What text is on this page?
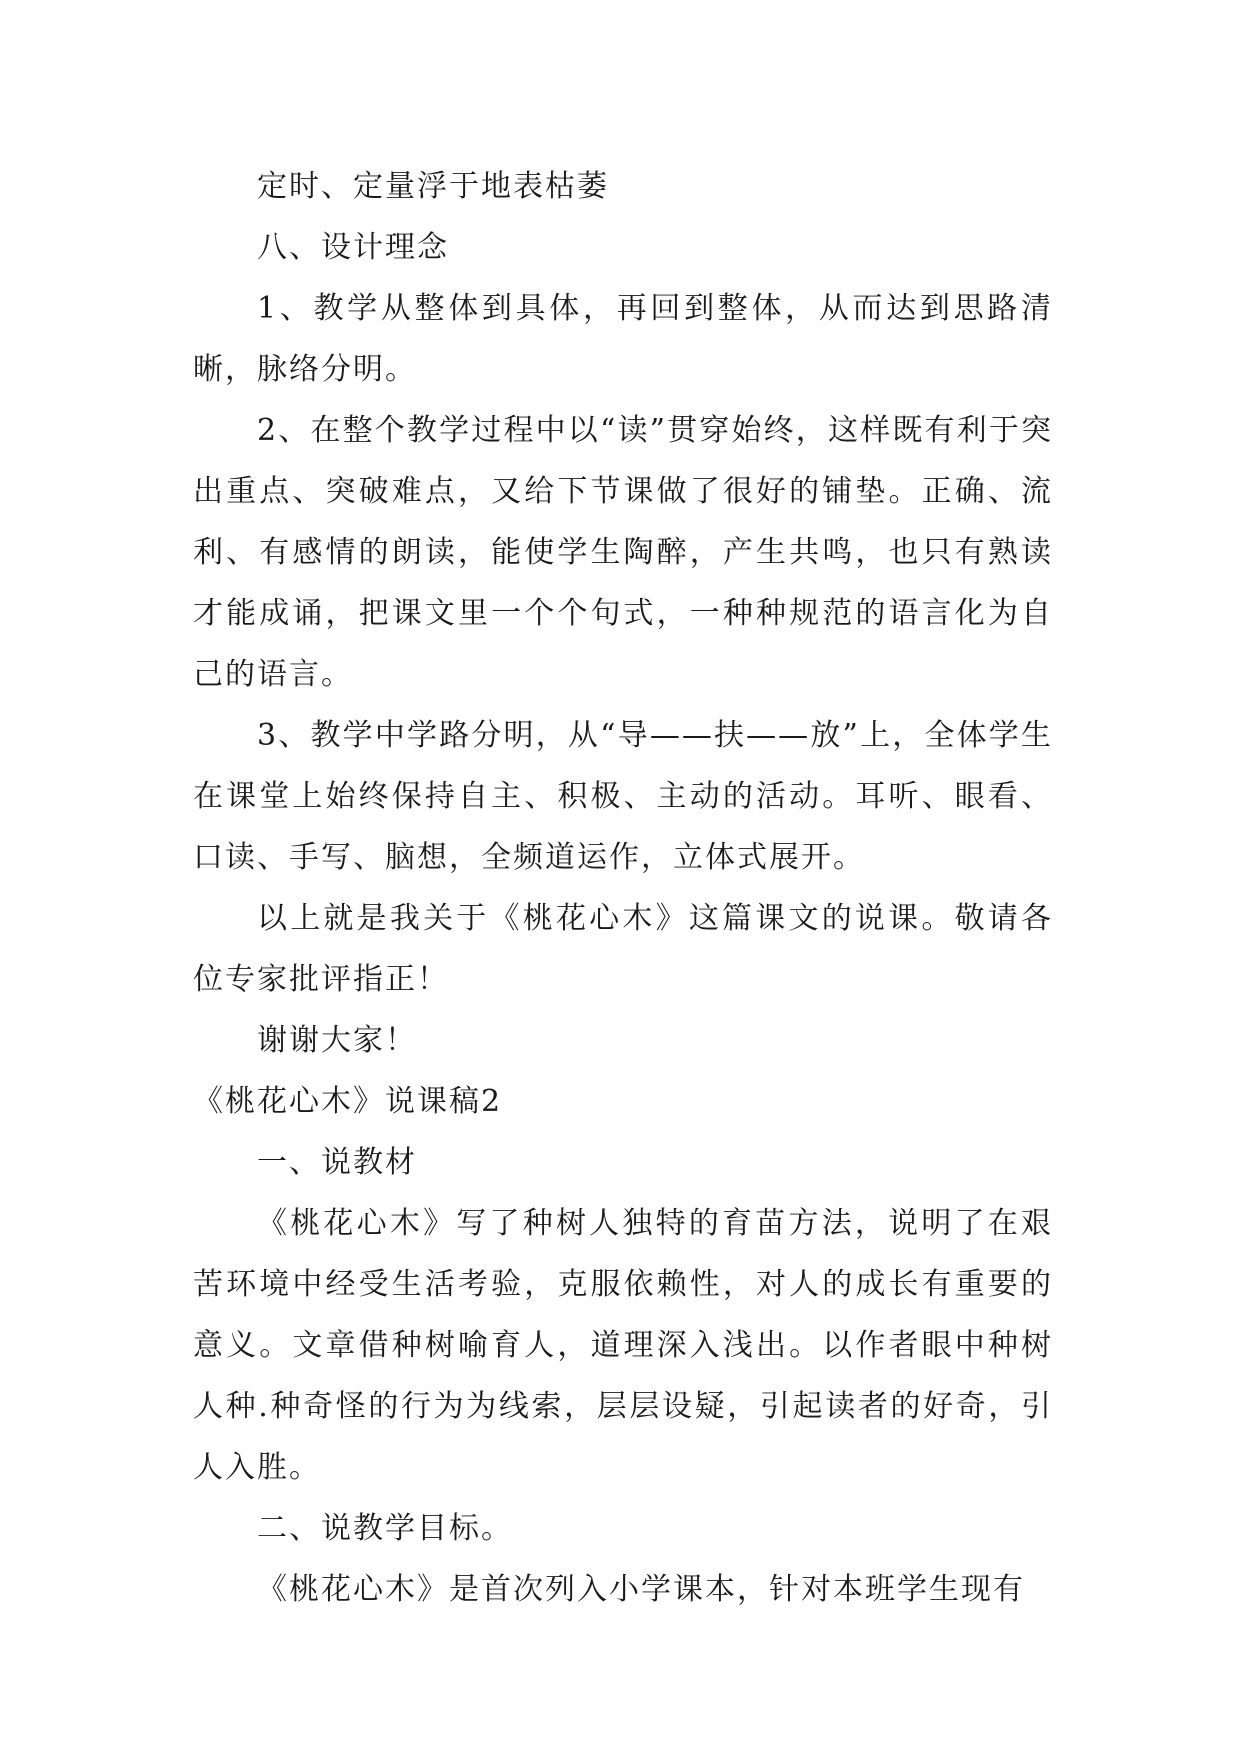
定时、定量浮于地表枯萎

八、设计理念

1、教学从整体到具体，再回到整体，从而达到思路清晰，脉络分明。

2、在整个教学过程中以“读”贯穿始终，这样既有利于突出重点、突破难点，又给下节课做了很好的铺垫。正确、流利、有感情的朗读，能使学生陶醉，产生共鸣，也只有熟读才能成诵，把课文里一个个句式，一种种规范的语言化为自己的语言。

3、教学中学路分明，从“导——扶——放”上，全体学生在课堂上始终保持自主、积极、主动的活动。耳听、眼看、口读、手写、脑想，全频道运作，立体式展开。

以上就是我关于《桃花心木》这篇课文的说课。敬请各位专家批评指正！

谢谢大家！

《桃花心木》说课稿2

一、说教材

《桃花心木》写了种树人独特的育苗方法，说明了在艰苦环境中经受生活考验，克服依赖性，对人的成长有重要的意义。文章借种树喻育人，道理深入浅出。以作者眼中种树人种.种奇怪的行为为线索，层层设疑，引起读者的好奇，引人入胜。

二、说教学目标。

《桃花心木》是首次列入小学课本，针对本班学生现有
